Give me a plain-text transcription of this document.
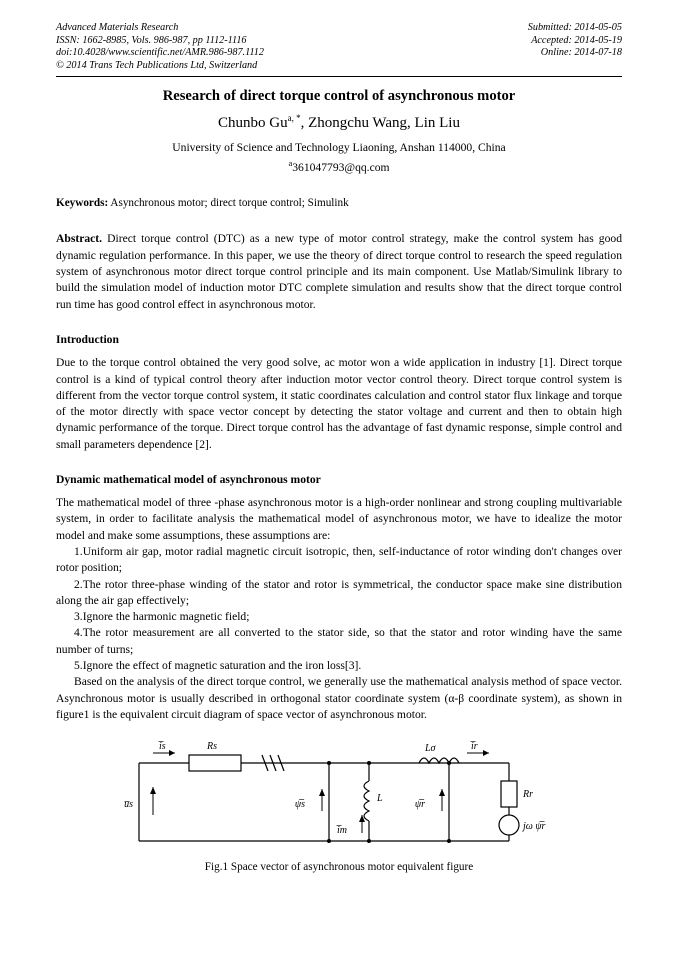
Advanced Materials Research
ISSN: 1662-8985, Vols. 986-987, pp 1112-1116
doi:10.4028/www.scientific.net/AMR.986-987.1112
© 2014 Trans Tech Publications Ltd, Switzerland
Submitted: 2014-05-05
Accepted: 2014-05-19
Online: 2014-07-18
Research of direct torque control of asynchronous motor
Chunbo $Gu^{a, *}$, Zhongchu Wang, Lin Liu
University of Science and Technology Liaoning, Anshan 114000, China
$^a$361047793@qq.com
Keywords: Asynchronous motor; direct torque control; Simulink
Abstract. Direct torque control (DTC) as a new type of motor control strategy, make the control system has good dynamic regulation performance. In this paper, we use the theory of direct torque control to research the speed regulation system of asynchronous motor direct torque control principle and its main component. Use Matlab/Simulink library to build the simulation model of induction motor DTC complete simulation and results show that the direct torque control run time has good control effect in asynchronous motor.
Introduction

Due to the torque control obtained the very good solve, ac motor won a wide application in industry [1]. Direct torque control is a kind of typical control theory after induction motor vector control theory. Direct torque control system is different from the vector torque control system, it static coordinates calculation and control stator flux linkage and torque of the motor directly with space vector concept by detecting the stator voltage and current and then to obtain high dynamic performance of the torque. Direct torque control has the advantage of fast dynamic response, simple control and small parameters dependence [2].

Dynamic mathematical model of asynchronous motor

The mathematical model of three -phase asynchronous motor is a high-order nonlinear and strong coupling multivariable system, in order to facilitate analysis the mathematical model of asynchronous motor, we have to idealize the motor model and make some assumptions, these assumptions are:

1.Uniform air gap, motor radial magnetic circuit isotropic, then, self-inductance of rotor winding don't changes over rotor position;

2.The rotor three-phase winding of the stator and rotor is symmetrical, the conductor space make sine distribution along the air gap effectively;

3.Ignore the harmonic magnetic field;

4.The rotor measurement are all converted to the stator side, so that the stator and rotor winding have the same number of turns;

5.Ignore the effect of magnetic saturation and the iron loss[3].

Based on the analysis of the direct torque control, we generally use the mathematical analysis method of space vector. Asynchronous motor is usually described in orthogonal stator coordinate system (α-β coordinate system), as shown in figure1 is the equivalent circuit diagram of space vector of asynchronous motor.

i̅s	Rs
u̅s	ψ̅s
L
i̅m
Lσ	i̅r
ψ̅r
Rr
jω ψ̅r
Fig.1 Space vector of asynchronous motor equivalent figure
